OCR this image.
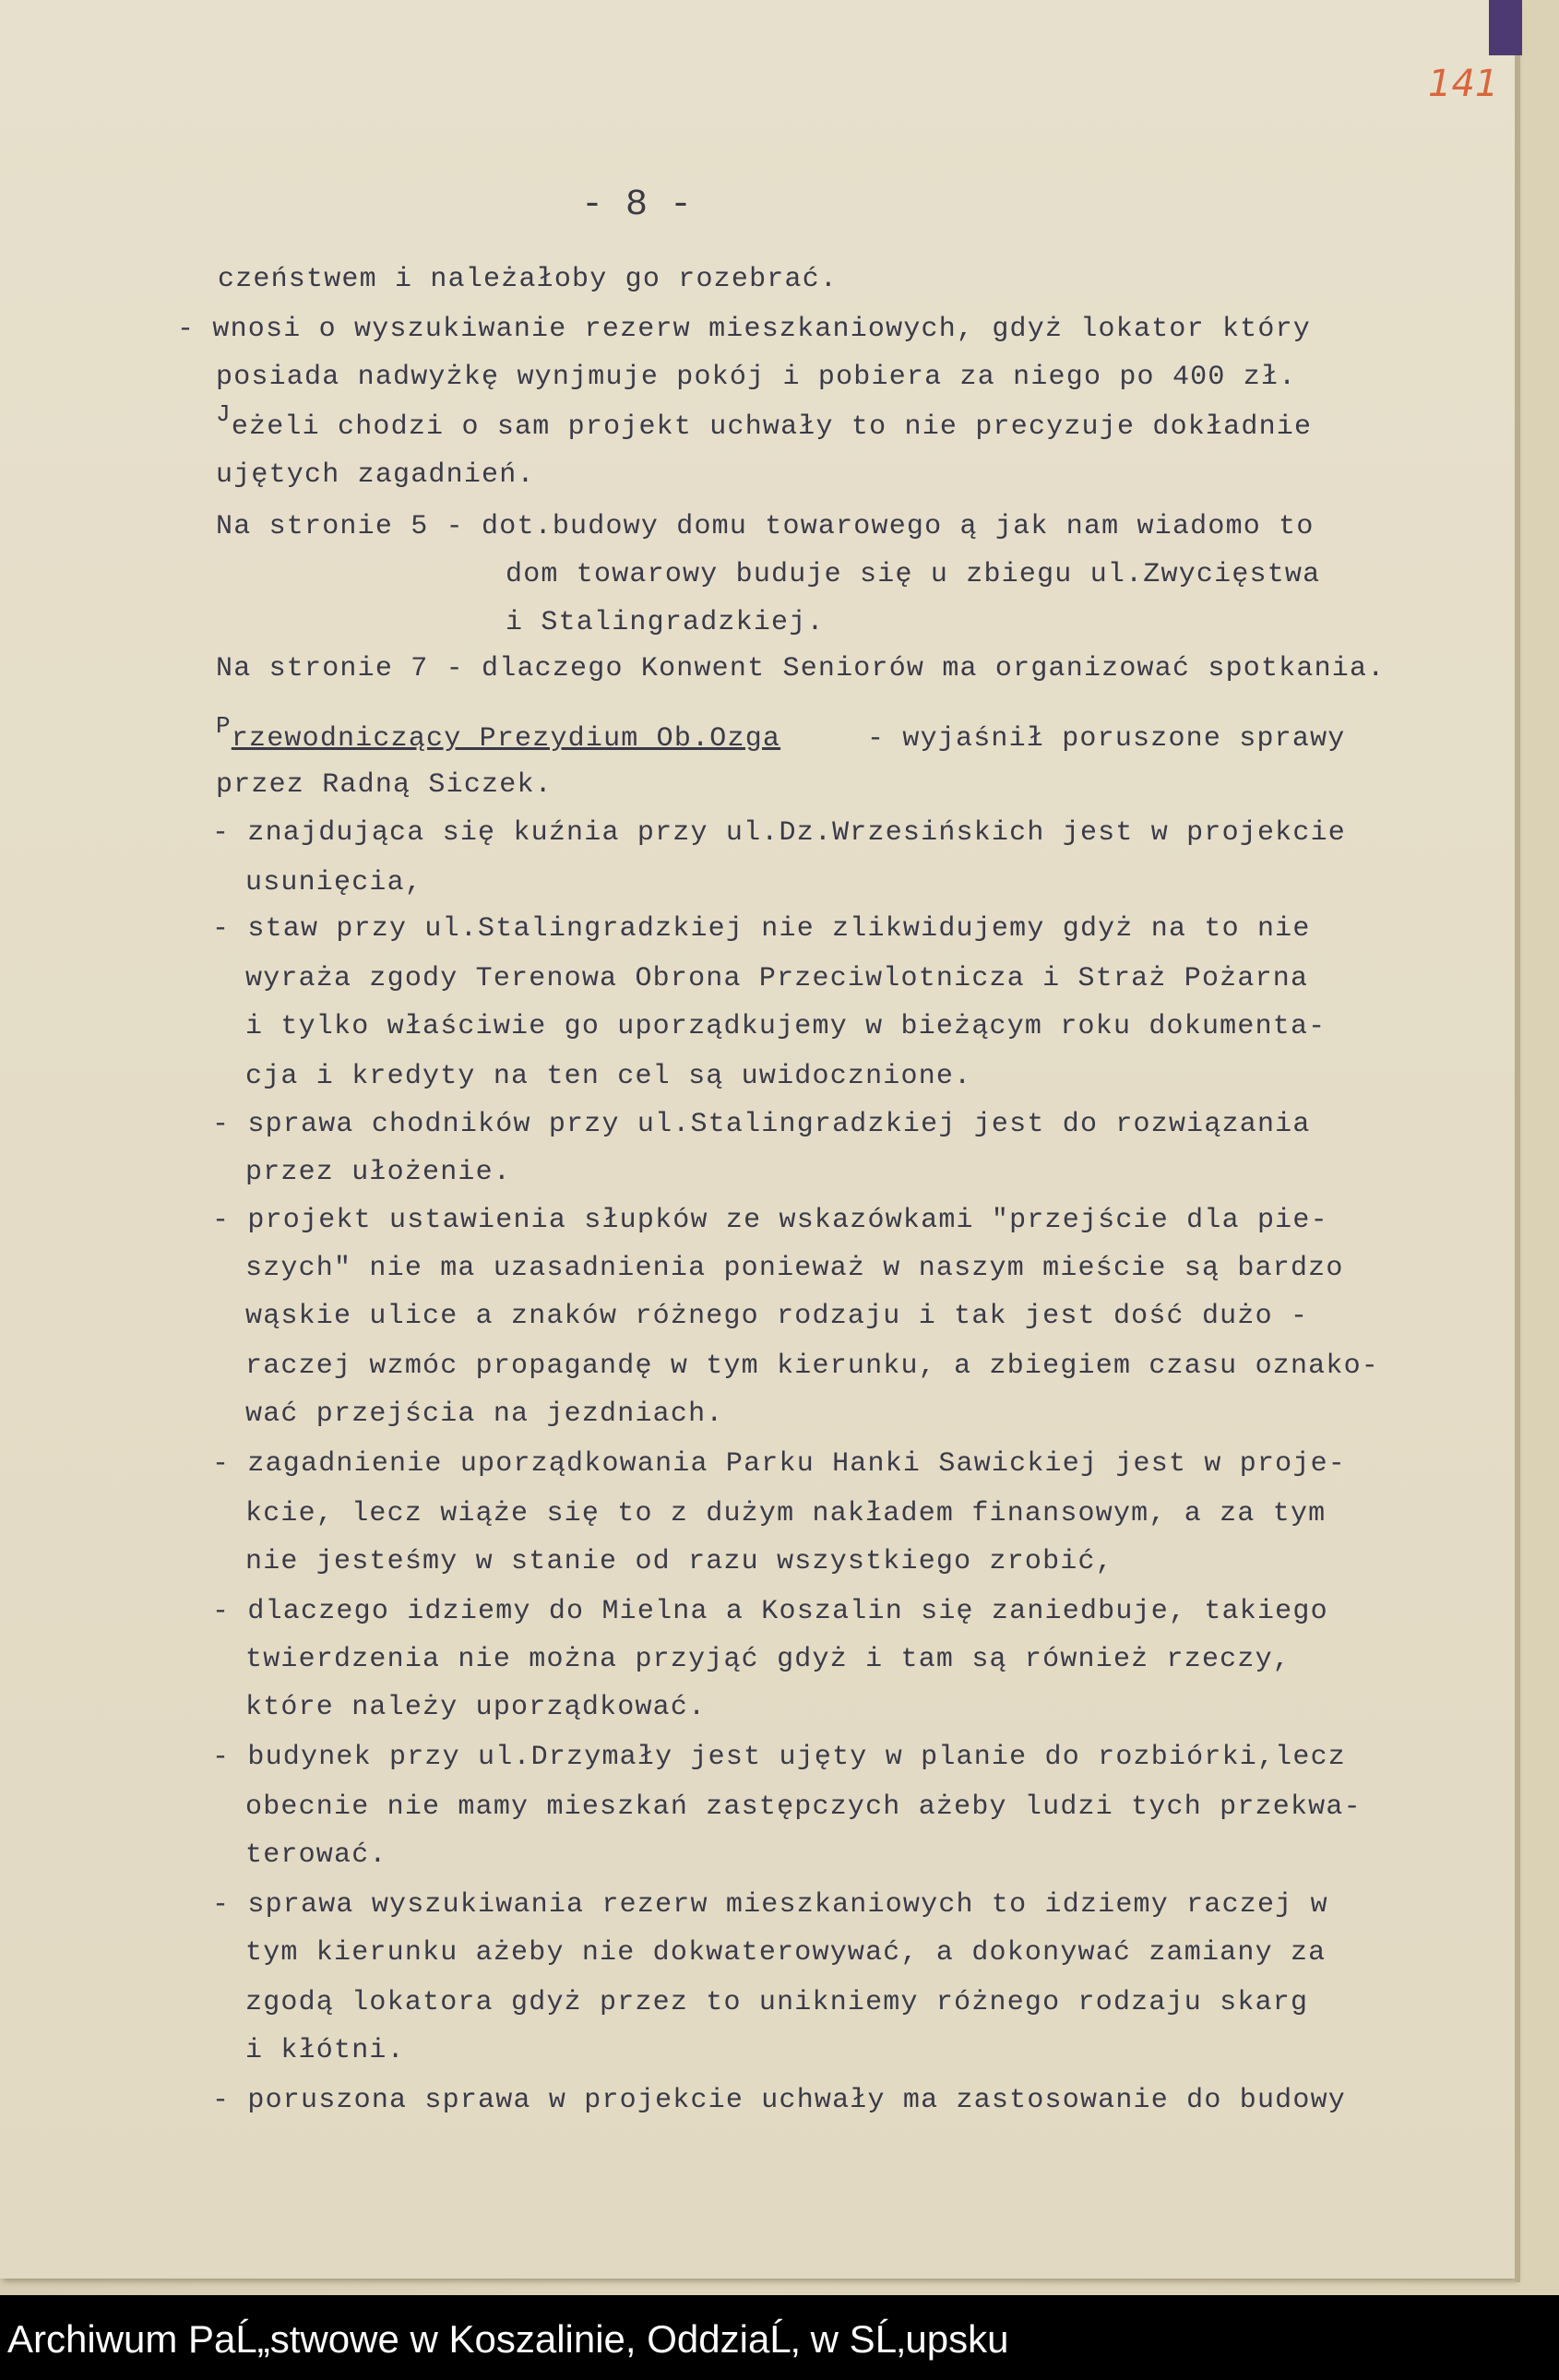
141
- 8 -
czeństwem i należałoby go rozebrać.
- wnosi o wyszukiwanie rezerw mieszkaniowych, gdyż lokator który
posiada nadwyżkę wynjmuje pokój i pobiera za niego po 400 zł.
Jeżeli chodzi o sam projekt uchwały to nie precyzuje dokładnie
ujętych zagadnień.
Na stronie 5 - dot.budowy domu towarowego ą jak nam wiadomo to
dom towarowy buduje się u zbiegu ul.Zwycięstwa
i Stalingradzkiej.
Na stronie 7 - dlaczego Konwent Seniorów ma organizować spotkania.
Przewodniczący Prezydium Ob.Ozga	- wyjaśnił poruszone sprawy
przez Radną Siczek.
- znajdująca się kuźnia przy ul.Dz.Wrzesińskich jest w projekcie
usunięcia,
- staw przy ul.Stalingradzkiej nie zlikwidujemy gdyż na to nie
wyraża zgody Terenowa Obrona Przeciwlotnicza i Straż Pożarna
i tylko właściwie go uporządkujemy w bieżącym roku dokumenta-
cja i kredyty na ten cel są uwidocznione.
- sprawa chodników przy ul.Stalingradzkiej jest do rozwiązania
przez ułożenie.
- projekt ustawienia słupków ze wskazówkami "przejście dla pie-
szych" nie ma uzasadnienia ponieważ w naszym mieście są bardzo
wąskie ulice a znaków różnego rodzaju i tak jest dość dużo -
raczej wzmóc propagandę w tym kierunku, a zbiegiem czasu oznako-
wać przejścia na jezdniach.
- zagadnienie uporządkowania Parku Hanki Sawickiej jest w proje-
kcie, lecz wiąże się to z dużym nakładem finansowym, a za tym
nie jesteśmy w stanie od razu wszystkiego zrobić,
- dlaczego idziemy do Mielna a Koszalin się zaniedbuje, takiego
twierdzenia nie można przyjąć gdyż i tam są również rzeczy,
które należy uporządkować.
- budynek przy ul.Drzymały jest ujęty w planie do rozbiórki,lecz
obecnie nie mamy mieszkań zastępczych ażeby ludzi tych przekwa-
terować.
- sprawa wyszukiwania rezerw mieszkaniowych to idziemy raczej w
tym kierunku ażeby nie dokwaterowywać, a dokonywać zamiany za
zgodą lokatora gdyż przez to unikniemy różnego rodzaju skarg
i kłótni.
- poruszona sprawa w projekcie uchwały ma zastosowanie do budowy
Archiwum PaĹ„stwowe w Koszalinie, OddziaĹ‚ w SĹ‚upsku
